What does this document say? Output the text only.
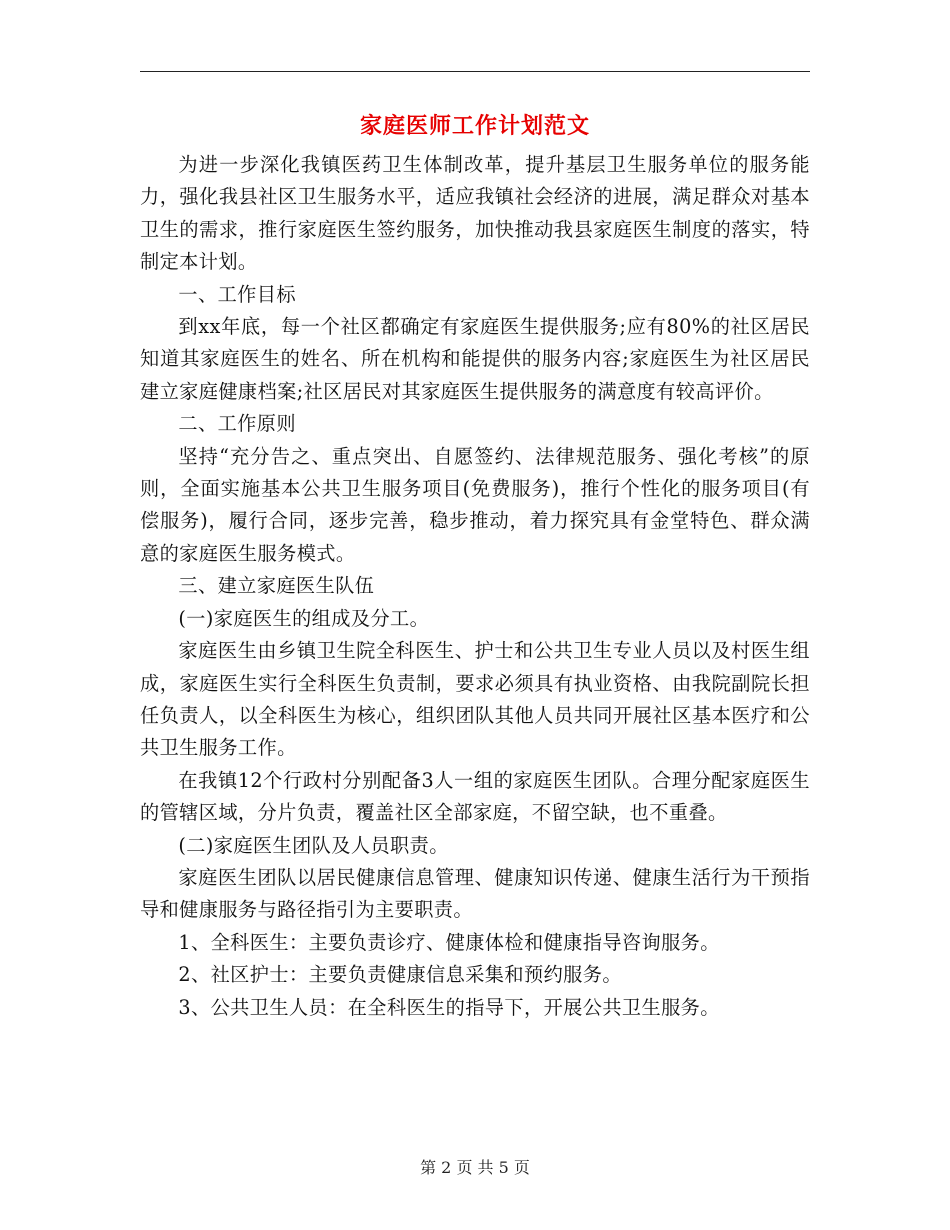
家庭医师工作计划范文

为进一步深化我镇医药卫生体制改革，提升基层卫生服务单位的服务能力，强化我县社区卫生服务水平，适应我镇社会经济的进展，满足群众对基本卫生的需求，推行家庭医生签约服务，加快推动我县家庭医生制度的落实，特制定本计划。

一、工作目标

到xx年底，每一个社区都确定有家庭医生提供服务;应有80%的社区居民知道其家庭医生的姓名、所在机构和能提供的服务内容;家庭医生为社区居民建立家庭健康档案;社区居民对其家庭医生提供服务的满意度有较高评价。

二、工作原则

坚持“充分告之、重点突出、自愿签约、法律规范服务、强化考核”的原则，全面实施基本公共卫生服务项目(免费服务)，推行个性化的服务项目(有偿服务)，履行合同，逐步完善，稳步推动，着力探究具有金堂特色、群众满意的家庭医生服务模式。

三、建立家庭医生队伍

(一)家庭医生的组成及分工。

家庭医生由乡镇卫生院全科医生、护士和公共卫生专业人员以及村医生组成，家庭医生实行全科医生负责制，要求必须具有执业资格、由我院副院长担任负责人，以全科医生为核心，组织团队其他人员共同开展社区基本医疗和公共卫生服务工作。

在我镇12个行政村分别配备3人一组的家庭医生团队。合理分配家庭医生的管辖区域，分片负责，覆盖社区全部家庭，不留空缺，也不重叠。

(二)家庭医生团队及人员职责。

家庭医生团队以居民健康信息管理、健康知识传递、健康生活行为干预指导和健康服务与路径指引为主要职责。

1、全科医生：主要负责诊疗、健康体检和健康指导咨询服务。

2、社区护士：主要负责健康信息采集和预约服务。

3、公共卫生人员：在全科医生的指导下，开展公共卫生服务。

第 2 页 共 5 页
